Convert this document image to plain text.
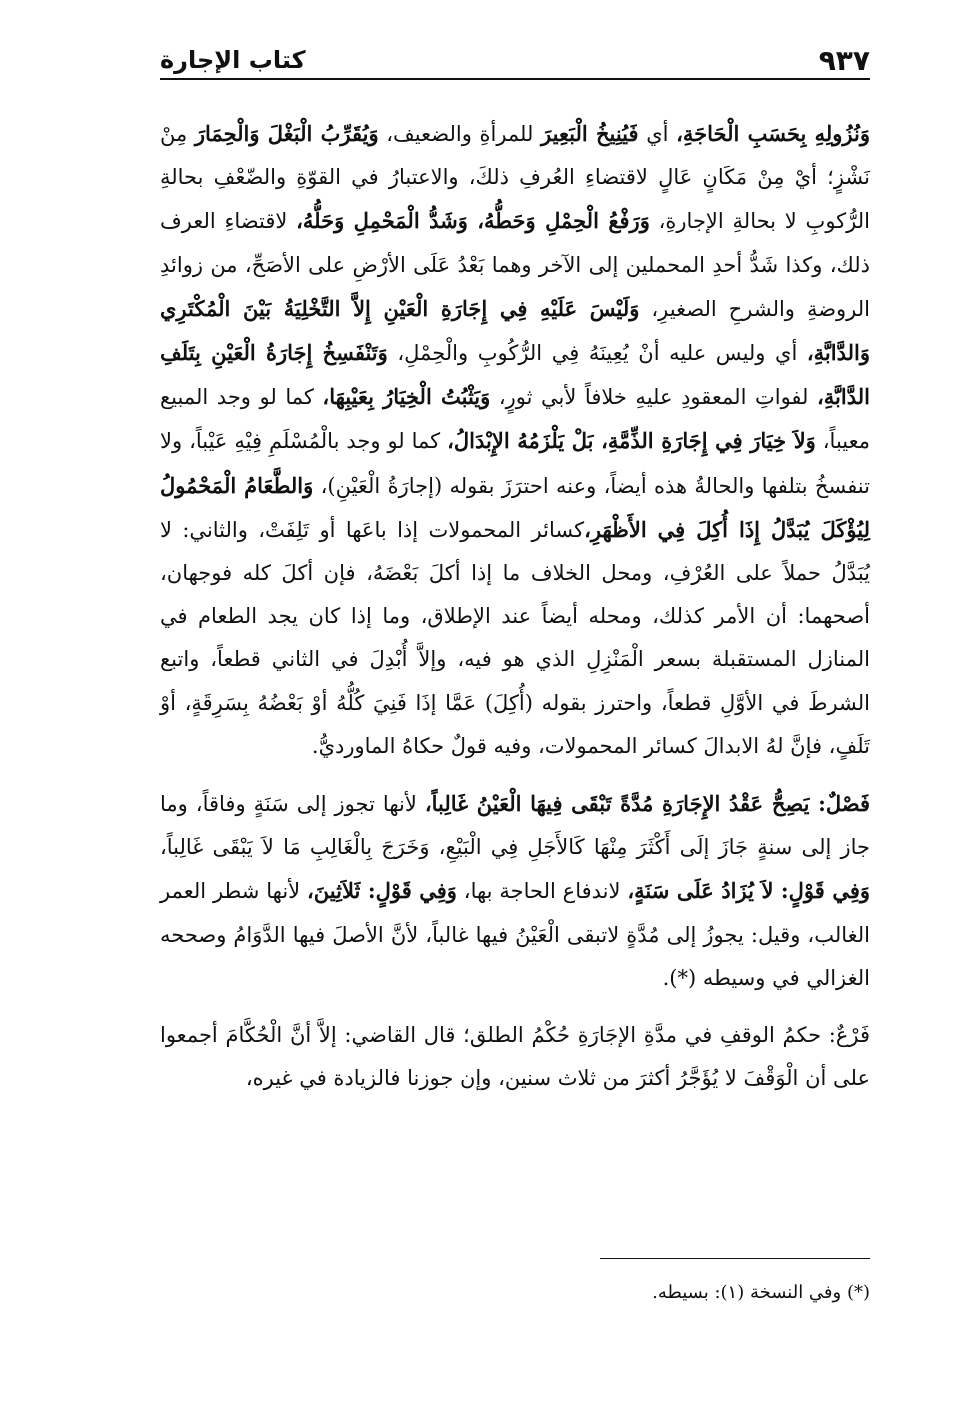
٩٣٧
كتاب الإجارة

وَنُزُولِهِ بِحَسَبِ الْحَاجَةِ، أي فَيُنِيخُ الْبَعِيرَ للمرأةِ والضعيف، وَيُقَرِّبُ الْبَغْلَ وَالْحِمَارَ مِنْ نَشْزٍ؛ أيْ مِنْ مَكَانٍ عَالٍ لاقتضاءِ العُرفِ ذلكَ، والاعتبارُ في القوّةِ والضّعْفِ بحالةِ الرُّكوبِ لا بحالةِ الإجارةِ، وَرَفْعُ الْحِمْلِ وَحَطُّهُ، وَشَدُّ الْمَحْمِلِ وَحَلُّهُ، لاقتضاءِ العرف ذلك، وكذا شَدُّ أحدِ المحملين إلى الآخر وهما بَعْدُ عَلَى الأرْضِ على الأصَحِّ، من زوائدِ الروضةِ والشرحِ الصغيرِ، وَلَيْسَ عَلَيْهِ فِي إِجَارَةِ الْعَيْنِ إِلاَّ التَّخْلِيَةُ بَيْنَ الْمُكْتَرِي وَالدَّابَّةِ، أي وليس عليه أنْ يُعِينَهُ فِي الرُّكُوبِ والْحِمْلِ، وَتَنْفَسِخُ إِجَارَةُ الْعَيْنِ بِتَلَفِ الدَّابَّةِ، لفواتِ المعقودِ عليهِ خلافاً لأبي ثورٍ، وَيَثْبُتُ الْخِيَارُ بِعَيْبِهَا، كما لو وجد المبيع معيباً، وَلاَ خِيَارَ فِي إِجَارَةِ الذِّمَّةِ، بَلْ يَلْزَمُهُ الإِبْدَالُ، كما لو وجد بالْمُسْلَمِ فِيْهِ عَيْباً، ولا تنفسخُ بتلفها والحالةُ هذه أيضاً، وعنه احترَزَ بقوله (إجارَةُ الْعَيْنِ)، وَالطَّعَامُ الْمَحْمُولُ لِيُؤْكَلَ يُبَدَّلُ إِذَا أُكِلَ فِي الأَظْهَرِ،كسائر المحمولات إذا باعَها أو تَلِفَتْ، والثاني: لا يُبَدَّلُ حملاً على العُرْفِ، ومحل الخلاف ما إذا أكلَ بَعْضَهُ، فإن أكلَ كله فوجهان، أصحهما: أن الأمر كذلك، ومحله أيضاً عند الإطلاق، وما إذا كان يجد الطعام في المنازل المستقبلة بسعر الْمَنْزِلِ الذي هو فيه، وإلاَّ أُبْدِلَ في الثاني قطعاً، واتبع الشرطَ في الأوَّلِ قطعاً، واحترز بقوله (أُكِلَ) عَمَّا إذَا فَنِيَ كُلُّهُ أوْ بَعْضُهُ بِسَرِقَةٍ، أوْ تَلَفٍ، فإنَّ لهُ الابدالَ كسائر المحمولات، وفيه قولٌ حكاهُ الماورديُّ.

فَصْلٌ: يَصِحُّ عَقْدُ الإِجَارَةِ مُدَّةً تَبْقَى فِيهَا الْعَيْنُ غَالِباً، لأنها تجوز إلى سَنَةٍ وفاقاً، وما جاز إلى سنةٍ جَازَ إلَى أَكْثَرَ مِنْهَا كَالأَجَلِ فِي الْبَيْعِ، وَخَرَجَ بِالْغَالِبِ مَا لاَ يَبْقَى غَالِباً، وَفِي قَوْلٍ: لاَ يُزَادُ عَلَى سَنَةٍ، لاندفاع الحاجة بها، وَفِي قَوْلٍ: ثَلاَثِينَ، لأنها شطر العمر الغالب، وقيل: يجوزُ إلى مُدَّةٍ لاتبقى الْعَيْنُ فيها غالباً، لأنَّ الأصلَ فيها الدَّوَامُ وصححه الغزالي في وسيطه (*).

فَرْعٌ: حكمُ الوقفِ في مدَّةِ الإجَارَةِ حُكْمُ الطلق؛ قال القاضي: إلاَّ أنَّ الْحُكَّامَ أجمعوا على أن الْوَقْفَ لا يُؤَجَّرُ أكثرَ من ثلاث سنين، وإن جوزنا فالزيادة في غيره،

(*) وفي النسخة (١): بسيطه.
